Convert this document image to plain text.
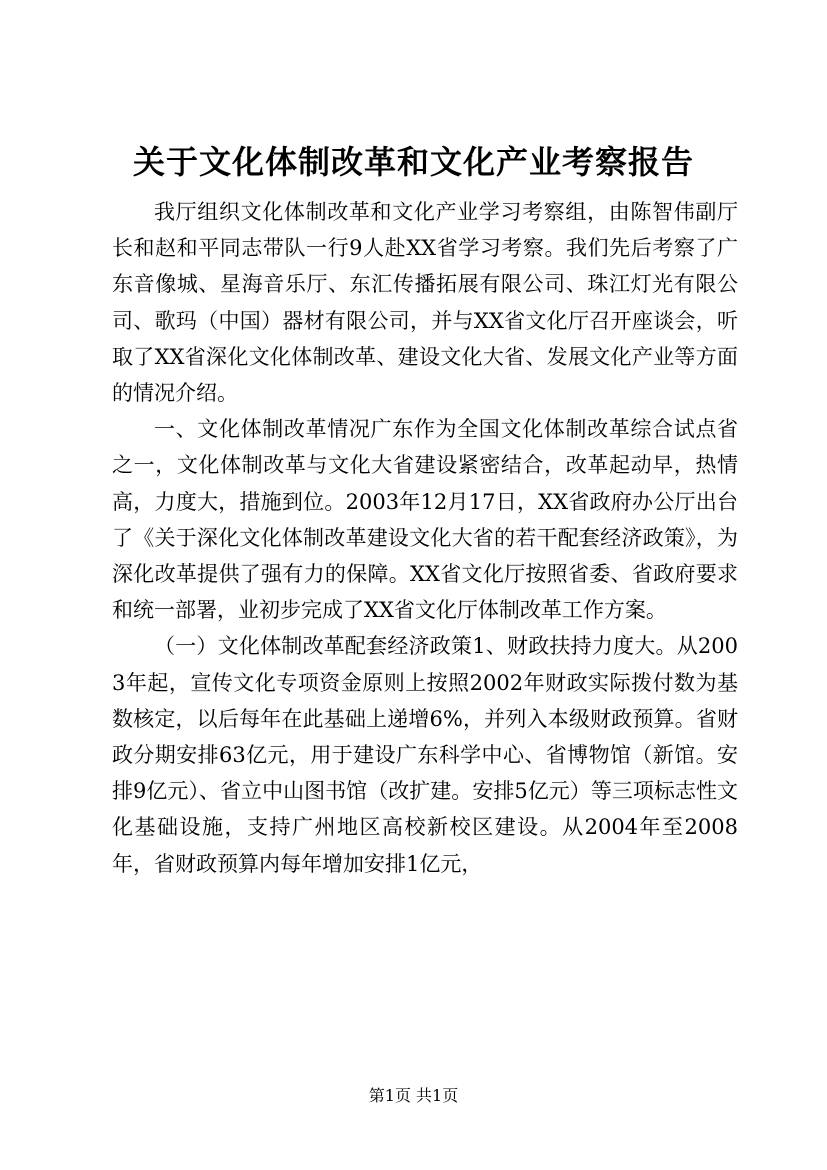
关于文化体制改革和文化产业考察报告

我厅组织文化体制改革和文化产业学习考察组，由陈智伟副厅长和赵和平同志带队一行9人赴XX省学习考察。我们先后考察了广东音像城、星海音乐厅、东汇传播拓展有限公司、珠江灯光有限公司、歌玛（中国）器材有限公司，并与XX省文化厅召开座谈会，听取了XX省深化文化体制改革、建设文化大省、发展文化产业等方面的情况介绍。

一、文化体制改革情况广东作为全国文化体制改革综合试点省之一，文化体制改革与文化大省建设紧密结合，改革起动早，热情高，力度大，措施到位。2003年12月17日，XX省政府办公厅出台了《关于深化文化体制改革建设文化大省的若干配套经济政策》，为深化改革提供了强有力的保障。XX省文化厅按照省委、省政府要求和统一部署，业初步完成了XX省文化厅体制改革工作方案。

（一）文化体制改革配套经济政策1、财政扶持力度大。从2003年起，宣传文化专项资金原则上按照2002年财政实际拨付数为基数核定，以后每年在此基础上递增6%，并列入本级财政预算。省财政分期安排63亿元，用于建设广东科学中心、省博物馆（新馆。安排9亿元）、省立中山图书馆（改扩建。安排5亿元）等三项标志性文化基础设施，支持广州地区高校新校区建设。从2004年至2008年，省财政预算内每年增加安排1亿元，

第1页 共1页
